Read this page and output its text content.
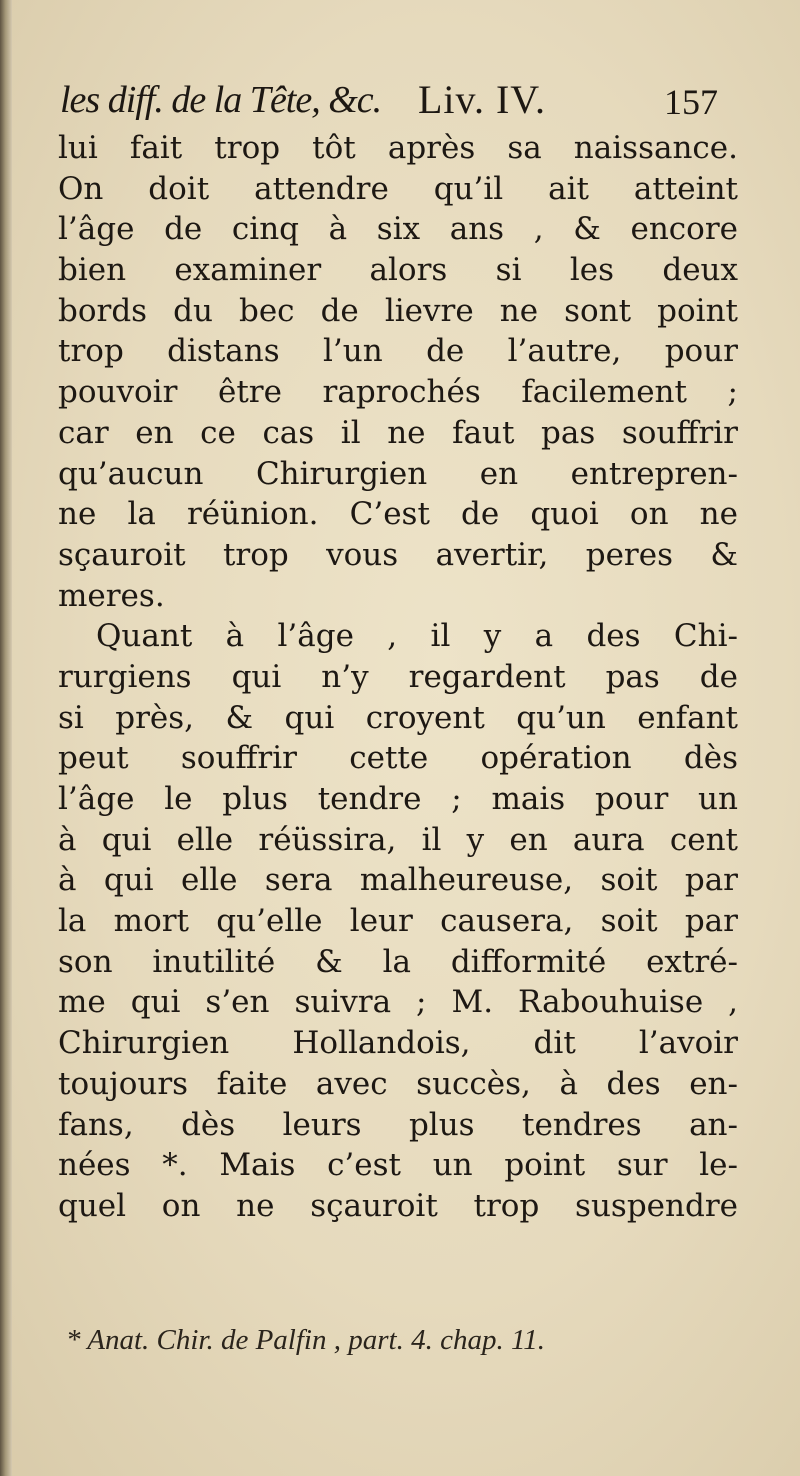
les diff. de la Tête, &c. Liv. IV.	157
lui fait trop tôt après sa naissance.
On doit attendre qu’il ait atteint
l’âge de cinq à six ans , & encore
bien examiner alors si les deux
bords du bec de lievre ne sont point
trop distans l’un de l’autre, pour
pouvoir être raprochés facilement ;
car en ce cas il ne faut pas souffrir
qu’aucun Chirurgien en entrepren-
ne la réünion. C’est de quoi on ne
sçauroit trop vous avertir, peres &
meres.
Quant à l’âge , il y a des Chi-
rurgiens qui n’y regardent pas de
si près, & qui croyent qu’un enfant
peut souffrir cette opération dès
l’âge le plus tendre ; mais pour un
à qui elle réüssira, il y en aura cent
à qui elle sera malheureuse, soit par
la mort qu’elle leur causera, soit par
son inutilité & la difformité extré-
me qui s’en suivra ; M. Rabouhuise ,
Chirurgien Hollandois, dit l’avoir
toujours faite avec succès, à des en-
fans, dès leurs plus tendres an-
nées *. Mais c’est un point sur le-
quel on ne sçauroit trop suspendre
* Anat. Chir. de Palfin , part. 4. chap. 11.
